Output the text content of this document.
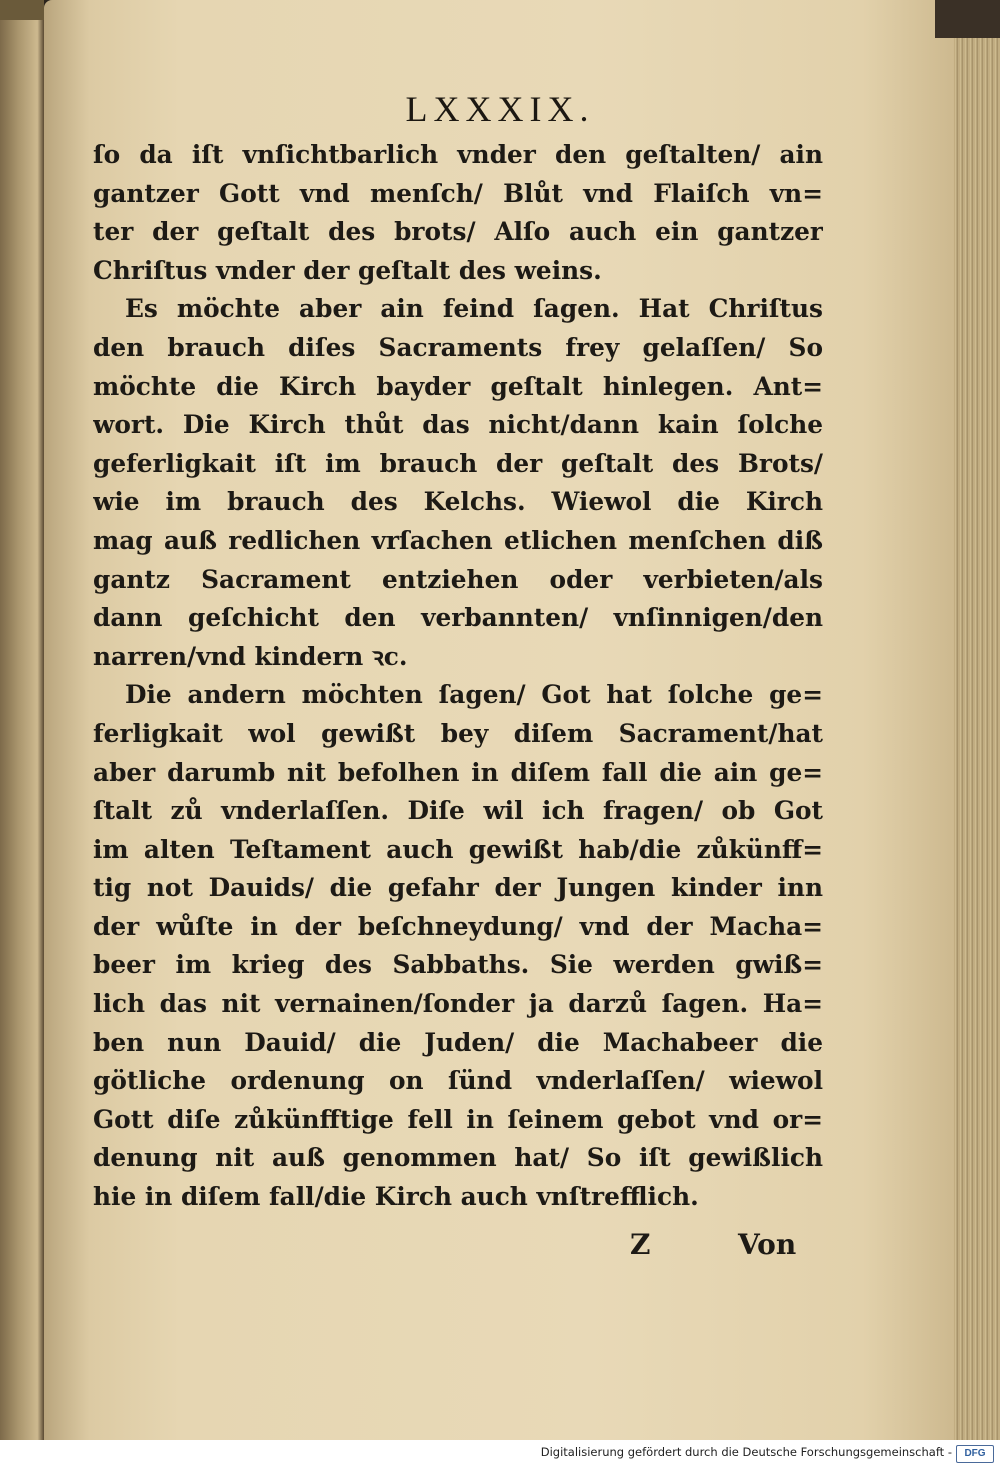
LXXXIX.
ſo da iſt vnſichtbarlich vnder den geſtalten/ ain
gantzer Gott vnd menſch/ Blůt vnd Flaiſch vn=
ter der geſtalt des brots/ Alſo auch ein gantzer
Chriſtus vnder der geſtalt des weins.
Es möchte aber ain feind ſagen. Hat Chriſtus
den brauch diſes Sacraments frey gelaſſen/ So
möchte die Kirch bayder geſtalt hinlegen. Ant=
wort. Die Kirch thůt das nicht/dann kain ſolche
geferligkait iſt im brauch der geſtalt des Brots/
wie im brauch des Kelchs. Wiewol die Kirch
mag auß redlichen vrſachen etlichen menſchen diß
gantz Sacrament entziehen oder verbieten/als
dann geſchicht den verbannten/ vnſinnigen/den
narren/vnd kindern ꝛc.
Die andern möchten ſagen/ Got hat ſolche ge=
ferligkait wol gewißt bey diſem Sacrament/hat
aber darumb nit befolhen in diſem fall die ain ge=
ſtalt zů vnderlaſſen. Diſe wil ich fragen/ ob Got
im alten Teſtament auch gewißt hab/die zůkünff=
tig not Dauids/ die gefahr der Jungen kinder inn
der wůſte in der beſchneydung/ vnd der Macha=
beer im krieg des Sabbaths. Sie werden gwiß=
lich das nit vernainen/ſonder ja darzů ſagen. Ha=
ben nun Dauid/ die Juden/ die Machabeer die
götliche ordenung on ſünd vnderlaſſen/ wiewol
Gott diſe zůkünfftige fell in ſeinem gebot vnd or=
denung nit auß genommen hat/ So iſt gewißlich
hie in diſem fall/die Kirch auch vnſtrefflich.
Z	Von
Digitalisierung gefördert durch die Deutsche Forschungsgemeinschaft -	DFG
